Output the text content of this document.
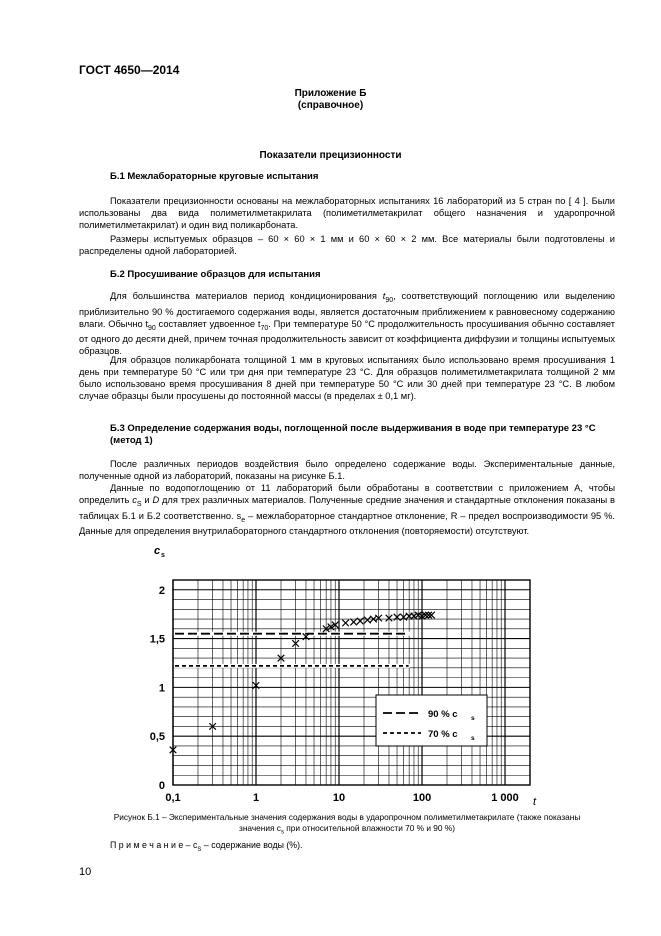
ГОСТ 4650—2014
Приложение Б
(справочное)
Показатели прецизионности
Б.1 Межлабораторные круговые испытания

Показатели прецизионности основаны на межлабораторных испытаниях 16 лабораторий из 5 стран по [ 4 ]. Были использованы два вида полиметилметакрилата (полиметилметакрилат общего назначения и ударопрочной полиметилметакрилат) и один вид поликарбоната.

Размеры испытуемых образцов – 60 × 60 × 1 мм и 60 × 60 × 2 мм. Все материалы были подготовлены и распределены одной лабораторией.

Б.2 Просушивание образцов для испытания

Для большинства материалов период кондиционирования $t_{90}$, соответствующий поглощению или выделению приблизительно 90 % достигаемого содержания воды, является достаточным приближением к равновесному содержанию влаги. Обычно $t_{90}$ составляет удвоенное $t_{70}$. При температуре 50 °С продолжительность просушивания обычно составляет от одного до десяти дней, причем точная продолжительность зависит от коэффициента диффузии и толщины испытуемых образцов.

Для образцов поликарбоната толщиной 1 мм в круговых испытаниях было использовано время просушивания 1 день при температуре 50 °С или три дня при температуре 23 °С. Для образцов полиметилметакрилата толщиной 2 мм было использовано время просушивания 8 дней при температуре 50 °С или 30 дней при температуре 23 °С. В любом случае образцы были просушены до постоянной массы (в пределах ± 0,1 мг).

Б.3 Определение содержания воды, поглощенной после выдерживания в воде при температуре 23 °С (метод 1)

После различных периодов воздействия было определено содержание воды. Экспериментальные данные, полученные одной из лабораторий, показаны на рисунке Б.1.

Данные по водопоглощению от 11 лабораторий были обработаны в соответствии с приложением А, чтобы определить $c_S$ и D для трех различных материалов. Полученные средние значения и стандартные отклонения показаны в таблицах Б.1 и Б.2 соответственно. $s_e$ – межлабораторное стандартное отклонение, R – предел воспроизводимости 95 %. Данные для определения внутрилабораторного стандартного отклонения (повторяемости) отсутствуют.

0,1	1	10	100	1 000
0
0,5
1
1,5
2
c s
t
90 % c s
70 % c s
Рисунок Б.1 – Экспериментальные значения содержания воды в ударопрочном полиметилметакрилате (также показаны
значения $c_s$ при относительной влажности 70 % и 90 %)
П р и м е ч а н и е – $c_S$ – содержание воды (%).
10
